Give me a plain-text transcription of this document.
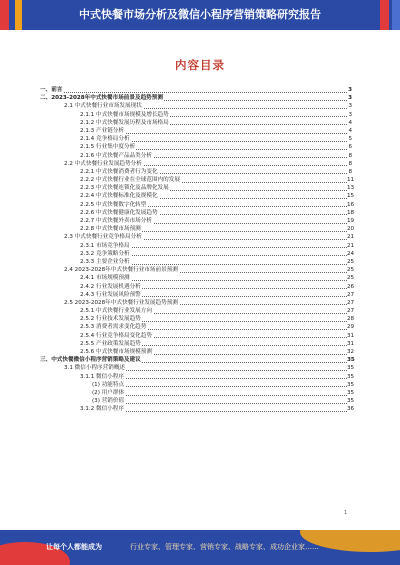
中式快餐市场分析及微信小程序营销策略研究报告
内容目录
一、前言	3
二、2023-2028年中式快餐市场前景及趋势预测	3
2.1 中式快餐行业市场发展现状	3
2.1.1 中式快餐市场规模及增长趋势	3
2.1.2 中式快餐发展历程及市场格局	4
2.1.3 产业链分析	4
2.1.4 竞争格局分析	5
2.1.5 行业集中度分析	6
2.1.6 中式快餐产品品类分析	8
2.2 中式快餐行业发展趋势分析	8
2.2.1 中式快餐消费者行为变化	8
2.2.2 中式快餐行业在全球范围内的发展	11
2.2.3 中式快餐连锁化及品牌化发展	13
2.2.4 中式快餐标准化及规模化	15
2.2.5 中式快餐数字化转型	16
2.2.6 中式快餐健康化发展趋势	18
2.2.7 中式快餐外卖市场分析	19
2.2.8 中式快餐市场预测	20
2.3 中式快餐行业竞争格局分析	21
2.3.1 市场竞争格局	21
2.3.2 竞争策略分析	24
2.3.3 主要企业分析	25
2.4 2023-2028年中式快餐行业市场前景预测	25
2.4.1 市场规模预测	25
2.4.2 行业发展机遇分析	26
2.4.3 行业发展风险预警	27
2.5 2023-2028年中式快餐行业发展趋势预测	27
2.5.1 中式快餐行业发展方向	27
2.5.2 行业技术发展趋势	28
2.5.3 消费者需求变化趋势	29
2.5.4 行业竞争格局变化趋势	31
2.5.5 产业政策发展趋势	31
2.5.6 中式快餐市场规模预测	32
三、中式快餐微信小程序营销策略及建议	35
3.1 微信小程序营销概述	35
3.1.1 微信小程序	35
(1) 功能特点	35
(2) 用户群体	35
(3) 营销价值	35
3.1.2 微信小程序	36
1
让每个人都能成为	行业专家、管理专家、营销专家、战略专家、成功企业家……
